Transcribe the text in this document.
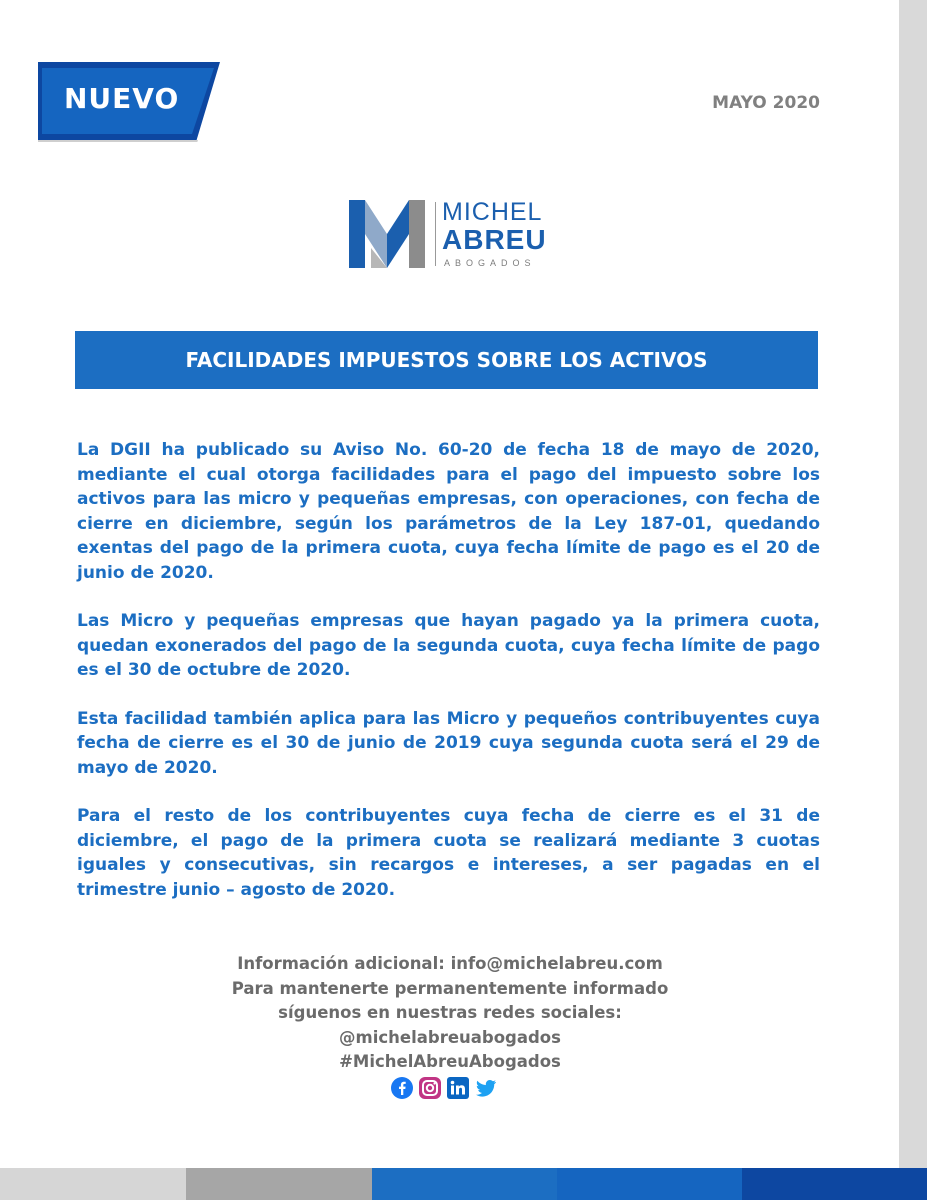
NUEVO	MAYO 2020
MICHEL
ABREU
ABOGADOS
FACILIDADES IMPUESTOS SOBRE LOS ACTIVOS

La DGII ha publicado su Aviso No. 60-20 de fecha 18 de mayo de 2020, mediante el cual otorga facilidades para el pago del impuesto sobre los activos para las micro y pequeñas empresas, con operaciones, con fecha de cierre en diciembre, según los parámetros de la Ley 187-01, quedando exentas del pago de la primera cuota, cuya fecha límite de pago es el 20 de junio de 2020.

Las Micro y pequeñas empresas que hayan pagado ya la primera cuota, quedan exonerados del pago de la segunda cuota, cuya fecha límite de pago es el 30 de octubre de 2020.

Esta facilidad también aplica para las Micro y pequeños contribuyentes cuya fecha de cierre es el 30 de junio de 2019 cuya segunda cuota será el 29 de mayo de 2020.

Para el resto de los contribuyentes cuya fecha de cierre es el 31 de diciembre, el pago de la primera cuota se realizará mediante 3 cuotas iguales y consecutivas, sin recargos e intereses, a ser pagadas en el trimestre junio – agosto de 2020.

Información adicional: info@michelabreu.com
Para mantenerte permanentemente informado
síguenos en nuestras redes sociales:
@michelabreuabogados
#MichelAbreuAbogados
